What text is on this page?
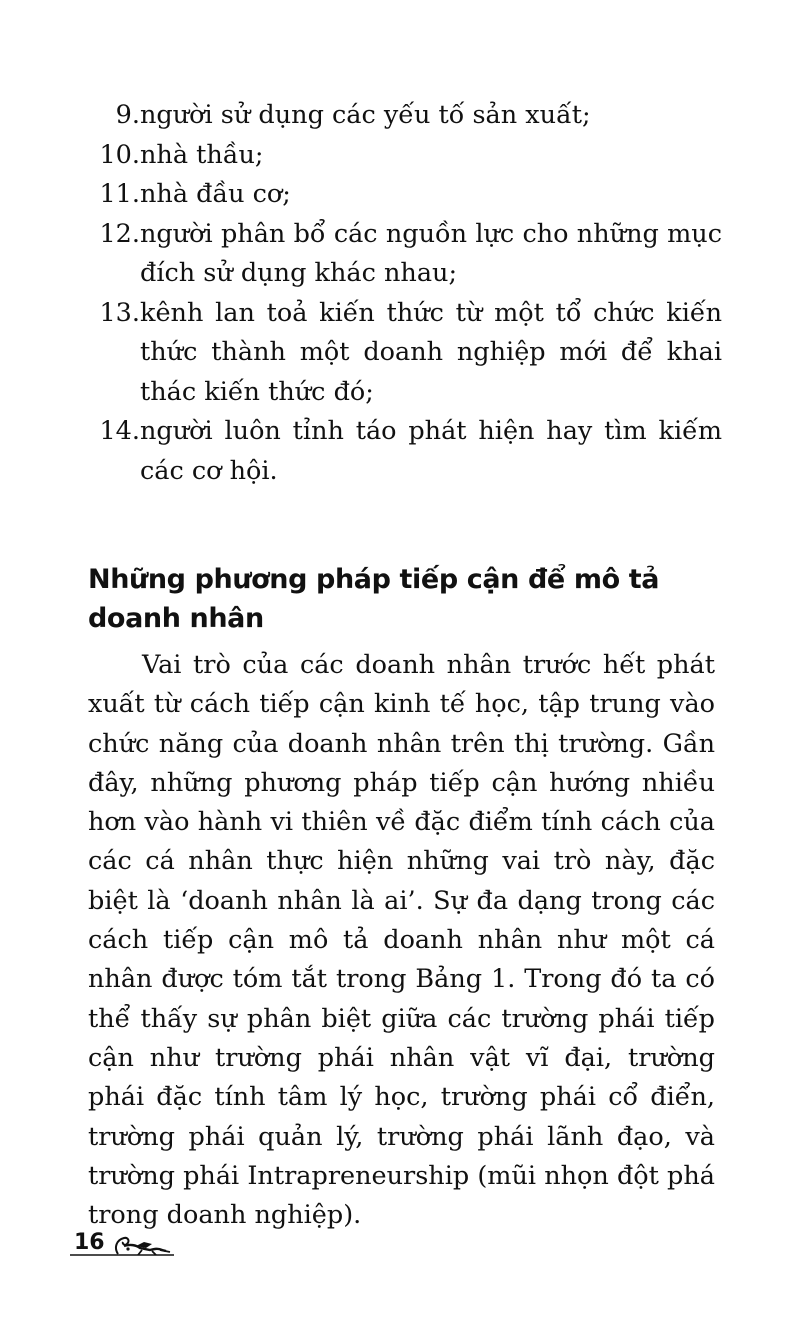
9. người sử dụng các yếu tố sản xuất;
10. nhà thầu;
11. nhà đầu cơ;
12. người phân bổ các nguồn lực cho những mục đích sử dụng khác nhau;
13. kênh lan toả kiến thức từ một tổ chức kiến thức thành một doanh nghiệp mới để khai thác kiến thức đó;
14. người luôn tỉnh táo phát hiện hay tìm kiếm các cơ hội.
Những phương pháp tiếp cận để mô tả doanh nhân

Vai trò của các doanh nhân trước hết phát xuất từ cách tiếp cận kinh tế học, tập trung vào chức năng của doanh nhân trên thị trường. Gần đây, những phương pháp tiếp cận hướng nhiều hơn vào hành vi thiên về đặc điểm tính cách của các cá nhân thực hiện những vai trò này, đặc biệt là ‘doanh nhân là ai’. Sự đa dạng trong các cách tiếp cận mô tả doanh nhân như một cá nhân được tóm tắt trong Bảng 1. Trong đó ta có thể thấy sự phân biệt giữa các trường phái tiếp cận như trường phái nhân vật vĩ đại, trường phái đặc tính tâm lý học, trường phái cổ điển, trường phái quản lý, trường phái lãnh đạo, và trường phái Intrapreneurship (mũi nhọn đột phá trong doanh nghiệp).

16
